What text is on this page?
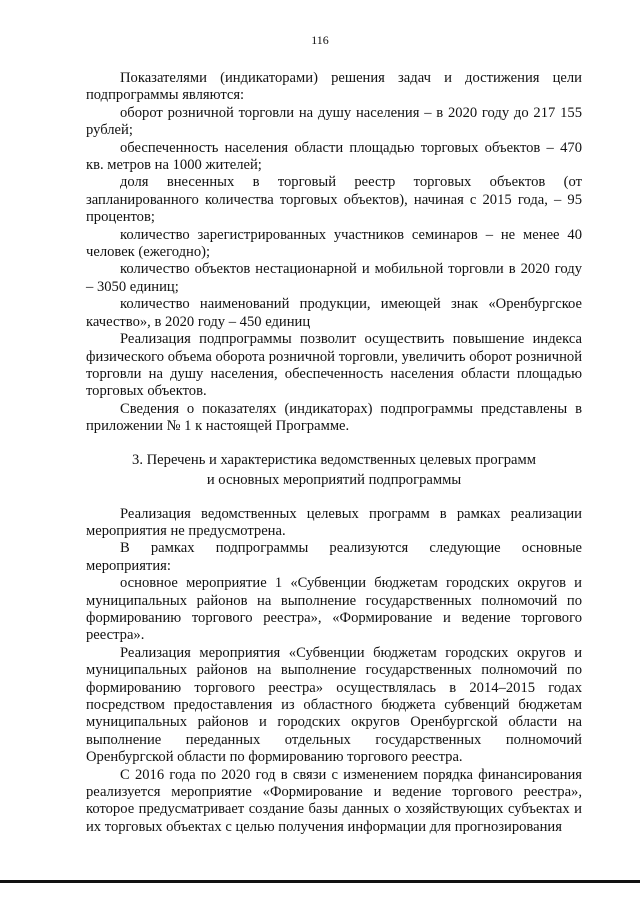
116

Показателями (индикаторами) решения задач и достижения цели подпрограммы являются:

оборот розничной торговли на душу населения – в 2020 году до 217 155 рублей;

обеспеченность населения области площадью торговых объектов – 470 кв. метров на 1000 жителей;

доля внесенных в торговый реестр торговых объектов (от запланированного количества торговых объектов), начиная с 2015 года, – 95 процентов;

количество зарегистрированных участников семинаров – не менее 40 человек (ежегодно);

количество объектов нестационарной и мобильной торговли в 2020 году – 3050 единиц;

количество наименований продукции, имеющей знак «Оренбургское качество», в 2020 году – 450 единиц

Реализация подпрограммы позволит осуществить повышение индекса физического объема оборота розничной торговли, увеличить оборот розничной торговли на душу населения, обеспеченность населения области площадью торговых объектов.

Сведения о показателях (индикаторах) подпрограммы представлены в приложении № 1 к настоящей Программе.

3. Перечень и характеристика ведомственных целевых программ
и основных мероприятий подпрограммы

Реализация ведомственных целевых программ в рамках реализации мероприятия не предусмотрена.

В рамках подпрограммы реализуются следующие основные мероприятия:

основное мероприятие 1 «Субвенции бюджетам городских округов и муниципальных районов на выполнение государственных полномочий по формированию торгового реестра», «Формирование и ведение торгового реестра».

Реализация мероприятия «Субвенции бюджетам городских округов и муниципальных районов на выполнение государственных полномочий по формированию торгового реестра» осуществлялась в 2014–2015 годах посредством предоставления из областного бюджета субвенций бюджетам муниципальных районов и городских округов Оренбургской области на выполнение переданных отдельных государственных полномочий Оренбургской области по формированию торгового реестра.

С 2016 года по 2020 год в связи с изменением порядка финансирования реализуется мероприятие «Формирование и ведение торгового реестра», которое предусматривает создание базы данных о хозяйствующих субъектах и их торговых объектах с целью получения информации для прогнозирования
